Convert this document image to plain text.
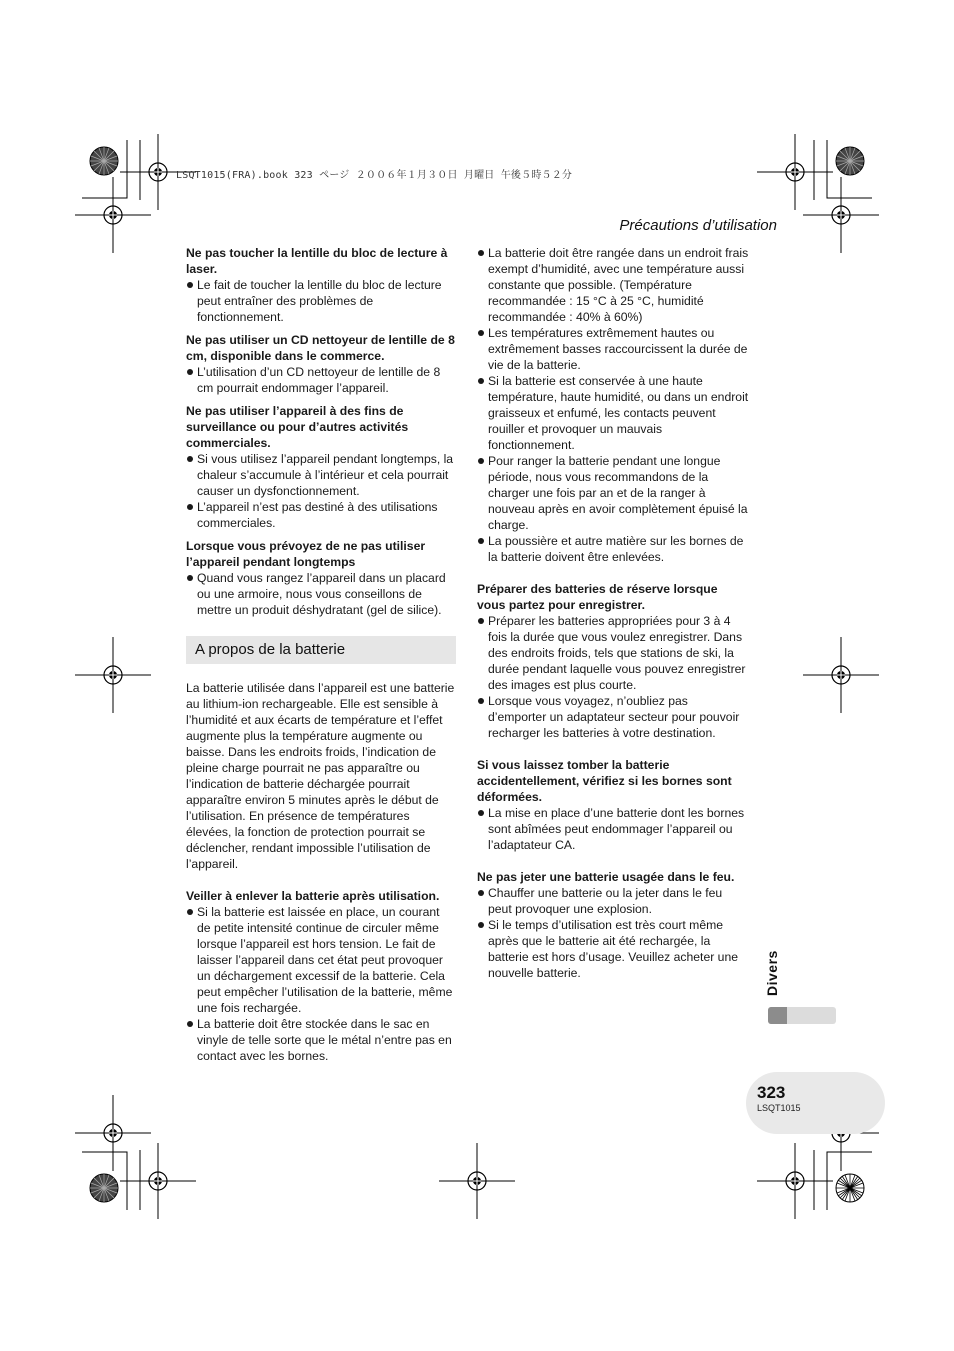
LSQT1015(FRA).book 323 ページ ２００６年１月３０日 月曜日 午後５時５２分
Précautions d’utilisation

Ne pas toucher la lentille du bloc de lecture à laser.

Le fait de toucher la lentille du bloc de lecture peut entraîner des problèmes de fonctionnement.

Ne pas utiliser un CD nettoyeur de lentille de 8 cm, disponible dans le commerce.

L’utilisation d’un CD nettoyeur de lentille de 8 cm pourrait endommager l’appareil.

Ne pas utiliser l’appareil à des fins de surveillance ou pour d’autres activités commerciales.

Si vous utilisez l’appareil pendant longtemps, la chaleur s’accumule à l’intérieur et cela pourrait causer un dysfonctionnement.
L’appareil n’est pas destiné à des utilisations commerciales.

Lorsque vous prévoyez de ne pas utiliser l’appareil pendant longtemps

Quand vous rangez l’appareil dans un placard ou une armoire, nous vous conseillons de mettre un produit déshydratant (gel de silice).
A propos de la batterie

La batterie utilisée dans l’appareil est une batterie au lithium-ion rechargeable. Elle est sensible à l’humidité et aux écarts de température et l’effet augmente plus la température augmente ou baisse. Dans les endroits froids, l’indication de pleine charge pourrait ne pas apparaître ou l’indication de batterie déchargée pourrait apparaître environ 5 minutes après le début de l’utilisation. En présence de températures élevées, la fonction de protection pourrait se déclencher, rendant impossible l’utilisation de l’appareil.

Veiller à enlever la batterie après utilisation.

Si la batterie est laissée en place, un courant de petite intensité continue de circuler même lorsque l’appareil est hors tension. Le fait de laisser l’appareil dans cet état peut provoquer un déchargement excessif de la batterie. Cela peut empêcher l’utilisation de la batterie, même une fois rechargée.
La batterie doit être stockée dans le sac en vinyle de telle sorte que le métal n’entre pas en contact avec les bornes.
La batterie doit être rangée dans un endroit frais exempt d’humidité, avec une température aussi constante que possible. (Température recommandée : 15 °C à 25 °C, humidité recommandée : 40% à 60%)
Les températures extrêmement hautes ou extrêmement basses raccourcissent la durée de vie de la batterie.
Si la batterie est conservée à une haute température, haute humidité, ou dans un endroit graisseux et enfumé, les contacts peuvent rouiller et provoquer un mauvais fonctionnement.
Pour ranger la batterie pendant une longue période, nous vous recommandons de la charger une fois par an et de la ranger à nouveau après en avoir complètement épuisé la charge.
La poussière et autre matière sur les bornes de la batterie doivent être enlevées.

Préparer des batteries de réserve lorsque vous partez pour enregistrer.

Préparer les batteries appropriées pour 3 à 4 fois la durée que vous voulez enregistrer. Dans des endroits froids, tels que stations de ski, la durée pendant laquelle vous pouvez enregistrer des images est plus courte.
Lorsque vous voyagez, n’oubliez pas d’emporter un adaptateur secteur pour pouvoir recharger les batteries à votre destination.

Si vous laissez tomber la batterie accidentellement, vérifiez si les bornes sont déformées.

La mise en place d’une batterie dont les bornes sont abîmées peut endommager l’appareil ou l’adaptateur CA.

Ne pas jeter une batterie usagée dans le feu.

Chauffer une batterie ou la jeter dans le feu peut provoquer une explosion.
Si le temps d’utilisation est très court même après que le batterie ait été rechargée, la batterie est hors d’usage. Veuillez acheter une nouvelle batterie.	Divers
323
LSQT1015
